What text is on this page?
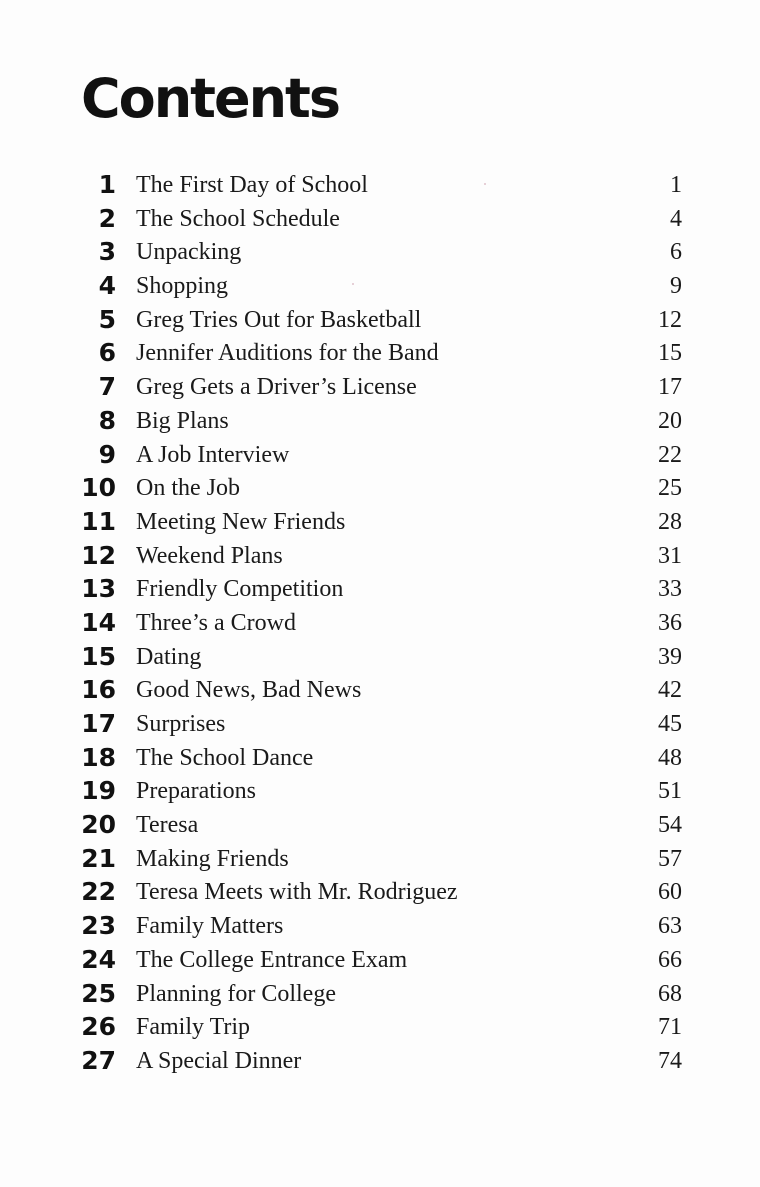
Contents
1 The First Day of School	1
2 The School Schedule	4
3 Unpacking	6
4 Shopping	9
5 Greg Tries Out for Basketball	12
6 Jennifer Auditions for the Band	15
7 Greg Gets a Driver’s License	17
8 Big Plans	20
9 A Job Interview	22
10 On the Job	25
11 Meeting New Friends	28
12 Weekend Plans	31
13 Friendly Competition	33
14 Three’s a Crowd	36
15 Dating	39
16 Good News, Bad News	42
17 Surprises	45
18 The School Dance	48
19 Preparations	51
20 Teresa	54
21 Making Friends	57
22 Teresa Meets with Mr. Rodriguez	60
23 Family Matters	63
24 The College Entrance Exam	66
25 Planning for College	68
26 Family Trip	71
27 A Special Dinner	74
